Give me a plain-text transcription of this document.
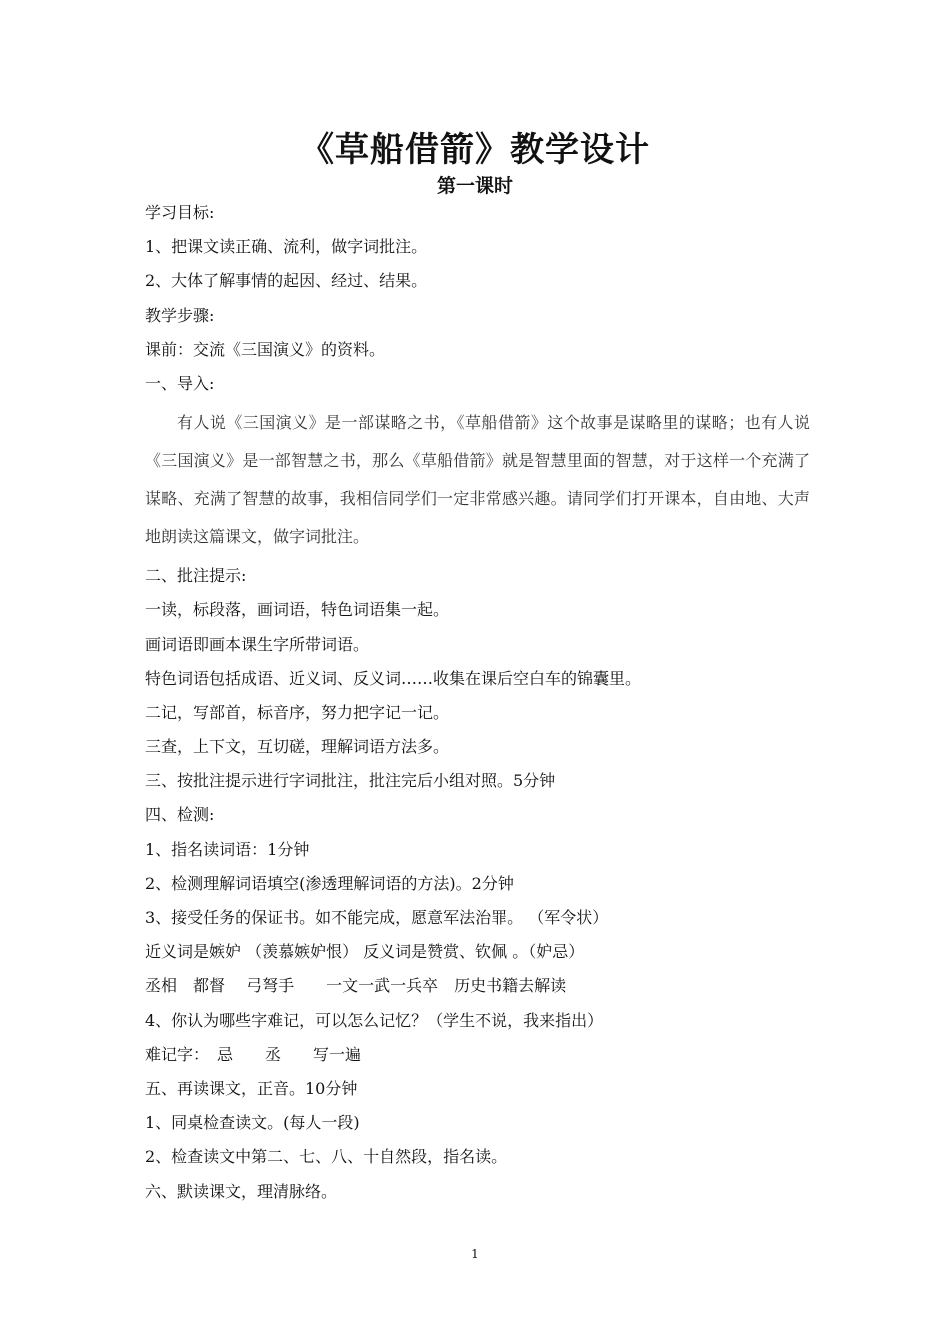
《草船借箭》教学设计
第一课时
学习目标:
1、把课文读正确、流利，做字词批注。
2、大体了解事情的起因、经过、结果。
教学步骤:
课前：交流《三国演义》的资料。
一、导入:
有人说《三国演义》是一部谋略之书，《草船借箭》这个故事是谋略里的谋略；也有人说《三国演义》是一部智慧之书，那么《草船借箭》就是智慧里面的智慧，对于这样一个充满了谋略、充满了智慧的故事，我相信同学们一定非常感兴趣。请同学们打开课本，自由地、大声地朗读这篇课文，做字词批注。
二、批注提示:
一读，标段落，画词语，特色词语集一起。
画词语即画本课生字所带词语。
特色词语包括成语、近义词、反义词……收集在课后空白车的锦囊里。
二记，写部首，标音序，努力把字记一记。
三查，上下文，互切磋，理解词语方法多。
三、按批注提示进行字词批注，批注完后小组对照。5分钟
四、检测:
1、指名读词语：1分钟
2、检测理解词语填空(渗透理解词语的方法)。2分钟
3、接受任务的保证书。如不能完成，愿意军法治罪。 （军令状）
近义词是嫉妒 （羡慕嫉妒恨） 反义词是赞赏、钦佩 。（妒忌）
丞相　都督　 弓弩手　　一文一武一兵卒　历史书籍去解读
4、你认为哪些字难记，可以怎么记忆？（学生不说，我来指出）
难记字：　忌　　丞　　写一遍
五、再读课文，正音。10分钟
1、同桌检查读文。(每人一段)
2、检查读文中第二、七、八、十自然段，指名读。
六、默读课文，理清脉络。
1
